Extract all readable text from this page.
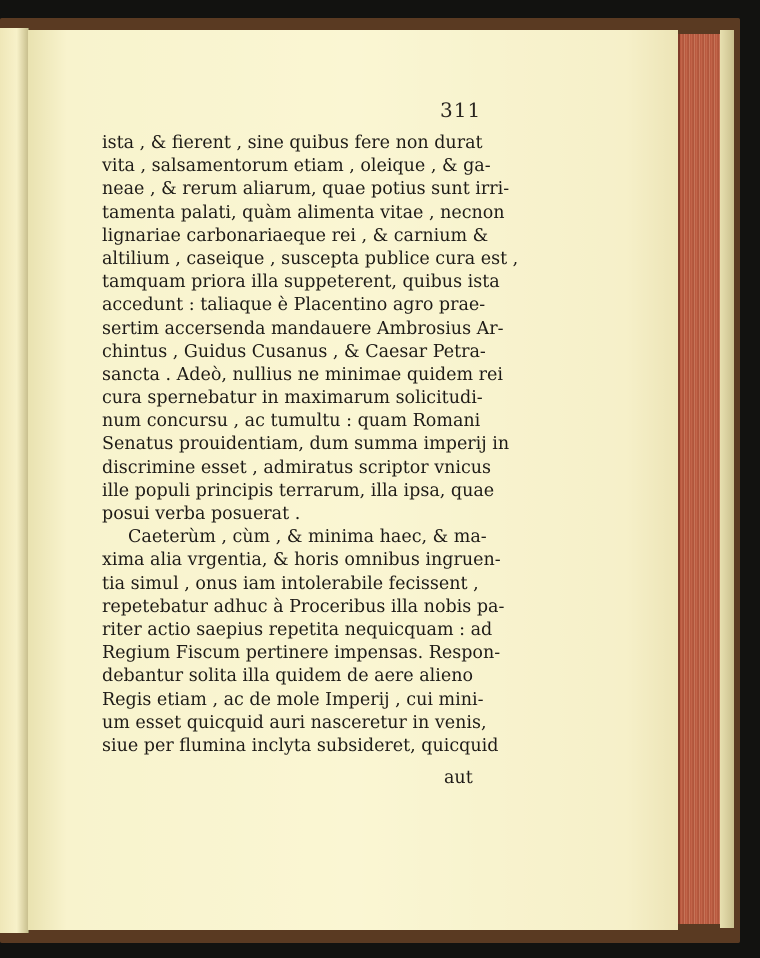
311
ista , & fierent , sine quibus fere non durat
vita , salsamentorum etiam , oleique , & ga-
neae , & rerum aliarum, quae potius sunt irri-
tamenta palati, quàm alimenta vitae , necnon
lignariae carbonariaeque rei , & carnium &
altilium , caseique , suscepta publice cura est ,
tamquam priora illa suppeterent, quibus ista
accedunt : taliaque è Placentino agro prae-
sertim accersenda mandauere Ambrosius Ar-
chintus , Guidus Cusanus , & Caesar Petra-
sancta . Adeò, nullius ne minimae quidem rei
cura spernebatur in maximarum solicitudi-
num concursu , ac tumultu : quam Romani
Senatus prouidentiam, dum summa imperij in
discrimine esset , admiratus scriptor vnicus
ille populi principis terrarum, illa ipsa, quae
posui verba posuerat .
Caeterùm , cùm , & minima haec, & ma-
xima alia vrgentia, & horis omnibus ingruen-
tia simul , onus iam intolerabile fecissent ,
repetebatur adhuc à Proceribus illa nobis pa-
riter actio saepius repetita nequicquam : ad
Regium Fiscum pertinere impensas. Respon-
debantur solita illa quidem de aere alieno
Regis etiam , ac de mole Imperij , cui mini-
um esset quicquid auri nasceretur in venis,
siue per flumina inclyta subsideret, quicquid
aut
